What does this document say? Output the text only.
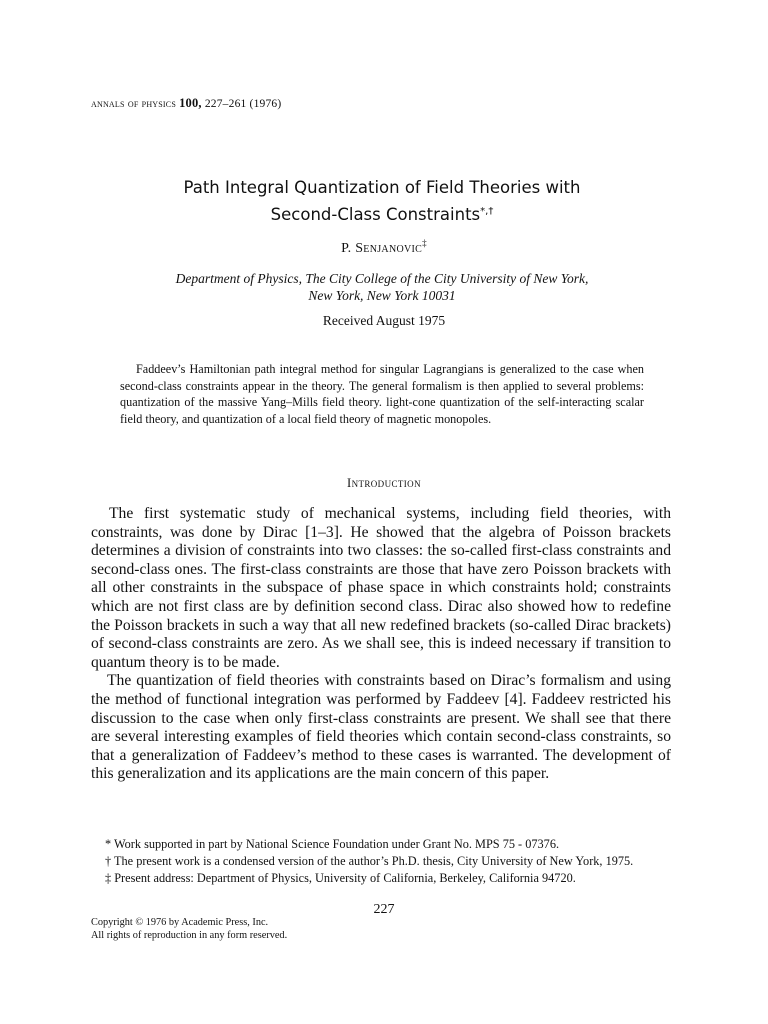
annals of physics 100, 227–261 (1976)
Path Integral Quantization of Field Theories with
Second-Class Constraints*,†
P. Senjanovic‡
Department of Physics, The City College of the City University of New York,
New York, New York 10031
Received August 1975
Faddeev’s Hamiltonian path integral method for singular Lagrangians is generalized to the case when second-class constraints appear in the theory. The general formalism is then applied to several problems: quantization of the massive Yang–Mills field theory. light-cone quantization of the self-interacting scalar field theory, and quantization of a local field theory of magnetic monopoles.
Introduction

The first systematic study of mechanical systems, including field theories, with constraints, was done by Dirac [1–3]. He showed that the algebra of Poisson brackets determines a division of constraints into two classes: the so-called first-class constraints and second-class ones. The first-class constraints are those that have zero Poisson brackets with all other constraints in the subspace of phase space in which constraints hold; constraints which are not first class are by definition second class. Dirac also showed how to redefine the Poisson brackets in such a way that all new redefined brackets (so-called Dirac brackets) of second-class constraints are zero. As we shall see, this is indeed necessary if transition to quantum theory is to be made.

The quantization of field theories with constraints based on Dirac’s formalism and using the method of functional integration was performed by Faddeev [4]. Faddeev restricted his discussion to the case when only first-class constraints are present. We shall see that there are several interesting examples of field theories which contain second-class constraints, so that a generalization of Faddeev’s method to these cases is warranted. The development of this generalization and its applications are the main concern of this paper.

* Work supported in part by National Science Foundation under Grant No. MPS 75 - 07376.

† The present work is a condensed version of the author’s Ph.D. thesis, City University of New York, 1975.

‡ Present address: Department of Physics, University of California, Berkeley, California 94720.

227
Copyright © 1976 by Academic Press, Inc.
All rights of reproduction in any form reserved.
